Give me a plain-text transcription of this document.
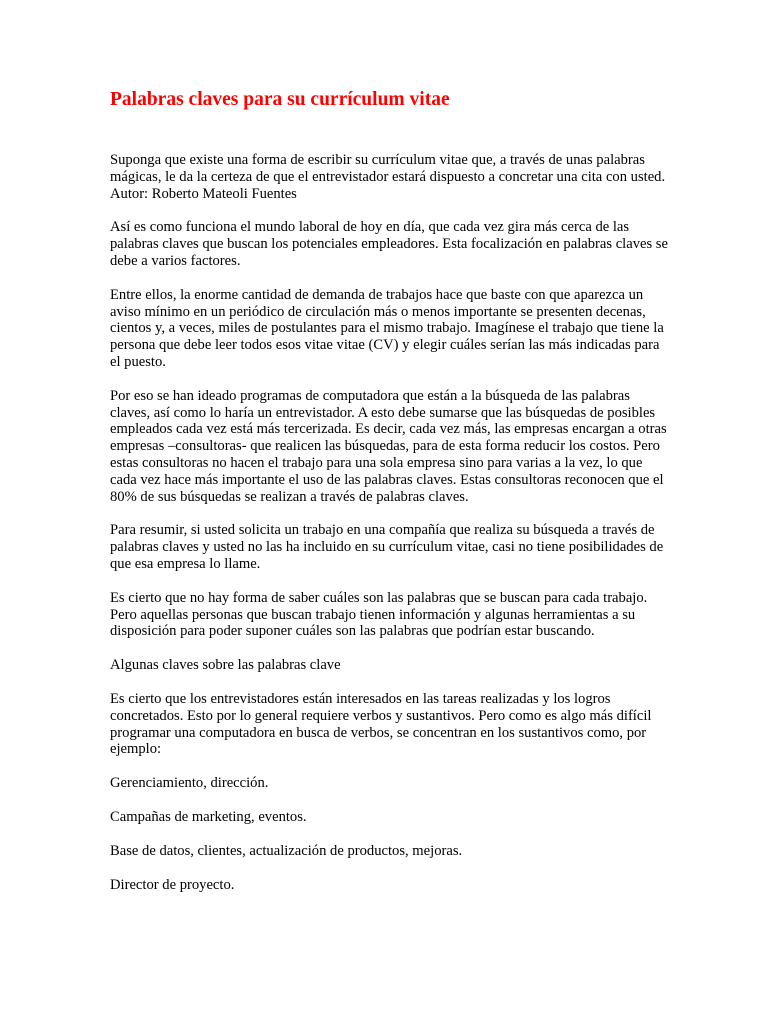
Palabras claves para su currículum vitae

Suponga que existe una forma de escribir su currículum vitae que, a través de unas palabras mágicas, le da la certeza de que el entrevistador estará dispuesto a concretar una cita con usted.

Autor: Roberto Mateoli Fuentes

Así es como funciona el mundo laboral de hoy en día, que cada vez gira más cerca de las palabras claves que buscan los potenciales empleadores. Esta focalización en palabras claves se debe a varios factores.

Entre ellos, la enorme cantidad de demanda de trabajos hace que baste con que aparezca un aviso mínimo en un periódico de circulación más o menos importante se presenten decenas, cientos y, a veces, miles de postulantes para el mismo trabajo. Imagínese el trabajo que tiene la persona que debe leer todos esos vitae vitae (CV) y elegir cuáles serían las más indicadas para el puesto.

Por eso se han ideado programas de computadora que están a la búsqueda de las palabras claves, así como lo haría un entrevistador. A esto debe sumarse que las búsquedas de posibles empleados cada vez está más tercerizada. Es decir, cada vez más, las empresas encargan a otras empresas –consultoras- que realicen las búsquedas, para de esta forma reducir los costos. Pero estas consultoras no hacen el trabajo para una sola empresa sino para varias a la vez, lo que cada vez hace más importante el uso de las palabras claves. Estas consultoras reconocen que el 80% de sus búsquedas se realizan a través de palabras claves.

Para resumir, si usted solicita un trabajo en una compañía que realiza su búsqueda a través de palabras claves y usted no las ha incluido en su currículum vitae, casi no tiene posibilidades de que esa empresa lo llame.

Es cierto que no hay forma de saber cuáles son las palabras que se buscan para cada trabajo. Pero aquellas personas que buscan trabajo tienen información y algunas herramientas a su disposición para poder suponer cuáles son las palabras que podrían estar buscando.

Algunas claves sobre las palabras clave

Es cierto que los entrevistadores están interesados en las tareas realizadas y los logros concretados. Esto por lo general requiere verbos y sustantivos. Pero como es algo más difícil programar una computadora en busca de verbos, se concentran en los sustantivos como, por ejemplo:

Gerenciamiento, dirección.

Campañas de marketing, eventos.

Base de datos, clientes, actualización de productos, mejoras.

Director de proyecto.
